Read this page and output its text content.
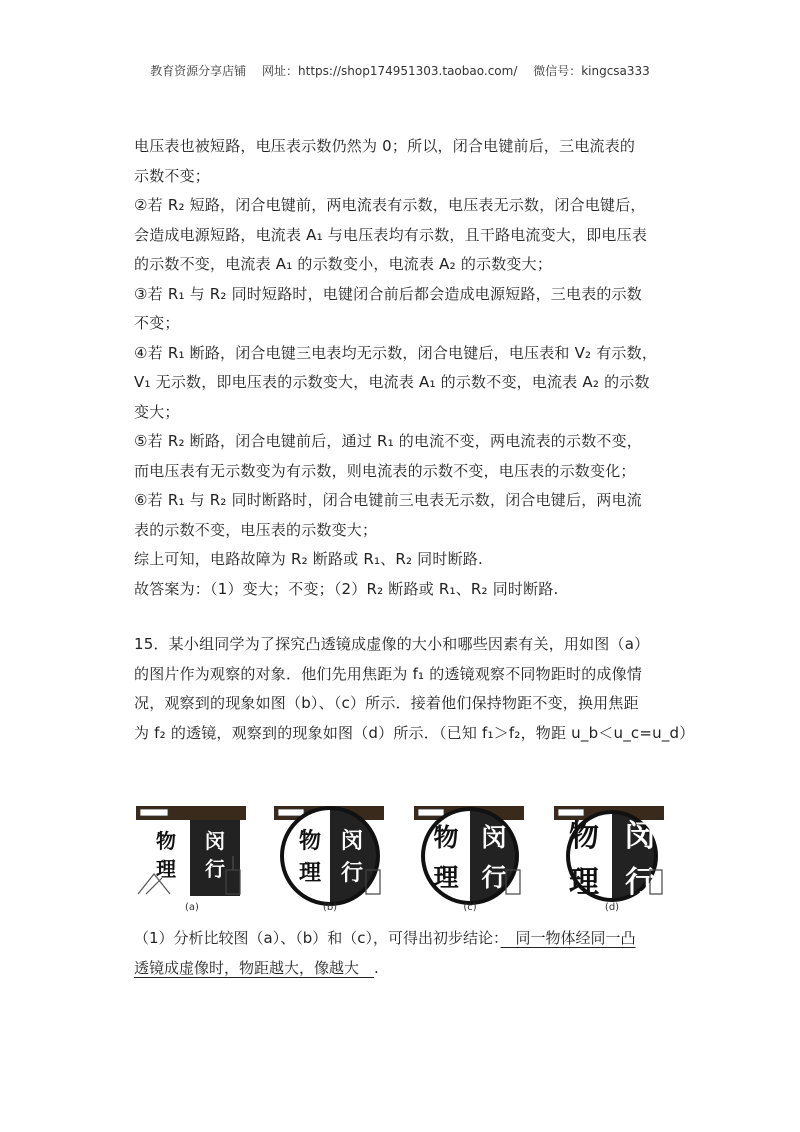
教育资源分享店铺 网址：https://shop174951303.taobao.com/ 微信号：kingcsa333

电压表也被短路，电压表示数仍然为 0；所以，闭合电键前后，三电流表的

示数不变；

②若 R₂ 短路，闭合电键前，两电流表有示数，电压表无示数，闭合电键后，

会造成电源短路，电流表 A₁ 与电压表均有示数，且干路电流变大，即电压表

的示数不变，电流表 A₁ 的示数变小，电流表 A₂ 的示数变大；

③若 R₁ 与 R₂ 同时短路时，电键闭合前后都会造成电源短路，三电表的示数

不变；

④若 R₁ 断路，闭合电键三电表均无示数，闭合电键后，电压表和 V₂ 有示数，

V₁ 无示数，即电压表的示数变大，电流表 A₁ 的示数不变，电流表 A₂ 的示数

变大；

⑤若 R₂ 断路，闭合电键前后，通过 R₁ 的电流不变，两电流表的示数不变，

而电压表有无示数变为有示数，则电流表的示数不变，电压表的示数变化；

⑥若 R₁ 与 R₂ 同时断路时，闭合电键前三电表无示数，闭合电键后，两电流

表的示数不变，电压表的示数变大；

综上可知，电路故障为 R₂ 断路或 R₁、R₂ 同时断路.

故答案为：（1）变大；不变；（2）R₂ 断路或 R₁、R₂ 同时断路.

15．某小组同学为了探究凸透镜成虚像的大小和哪些因素有关，用如图（a）

的图片作为观察的对象．他们先用焦距为 f₁ 的透镜观察不同物距时的成像情

况，观察到的现象如图（b）、（c）所示．接着他们保持物距不变，换用焦距

为 f₂ 的透镜，观察到的现象如图（d）所示．（已知 f₁＞f₂，物距 u_b＜u_c=u_d）

物 闵
理 行
(a)
物 闵
理 行
(b)
物 闵
理 行
(c)
物 闵
理 行
(d)

（1）分析比较图（a）、（b）和（c），可得出初步结论：　同一物体经同一凸

透镜成虚像时，物距越大，像越大　.
